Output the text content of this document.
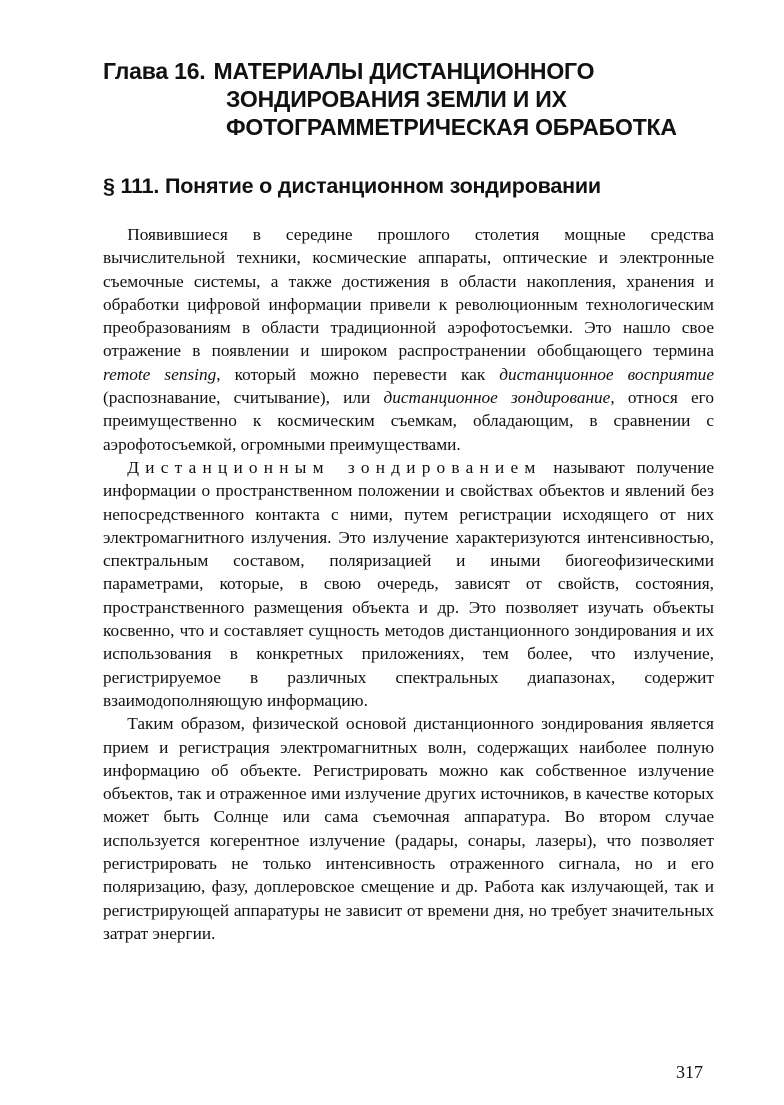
Глава 16. МАТЕРИАЛЫ ДИСТАНЦИОННОГО
ЗОНДИРОВАНИЯ ЗЕМЛИ И ИХ
ФОТОГРАММЕТРИЧЕСКАЯ ОБРАБОТКА
§ 111. Понятие о дистанционном зондировании

Появившиеся в середине прошлого столетия мощные средства вычислительной техники, космические аппараты, оптические и электронные съемочные системы, а также достижения в области накопления, хранения и обработки цифровой информации привели к революционным технологическим преобразованиям в области традиционной аэрофотосъемки. Это нашло свое отражение в появлении и широком распространении обобщающего термина remote sensing, который можно перевести как дистанционное восприятие (распознавание, считывание), или дистанционное зондирование, относя его преимущественно к космическим съемкам, обладающим, в сравнении с аэрофотосъемкой, огромными преимуществами.

Дистанционным зондированием называют получение информации о пространственном положении и свойствах объектов и явлений без непосредственного контакта с ними, путем регистрации исходящего от них электромагнитного излучения. Это излучение характеризуются интенсивностью, спектральным составом, поляризацией и иными биогеофизическими параметрами, которые, в свою очередь, зависят от свойств, состояния, пространственного размещения объекта и др. Это позволяет изучать объекты косвенно, что и составляет сущность методов дистанционного зондирования и их использования в конкретных приложениях, тем более, что излучение, регистрируемое в различных спектральных диапазонах, содержит взаимодополняющую информацию.

Таким образом, физической основой дистанционного зондирования является прием и регистрация электромагнитных волн, содержащих наиболее полную информацию об объекте. Регистрировать можно как собственное излучение объектов, так и отраженное ими излучение других источников, в качестве которых может быть Солнце или сама съемочная аппаратура. Во втором случае используется когерентное излучение (радары, сонары, лазеры), что позволяет регистрировать не только интенсивность отраженного сигнала, но и его поляризацию, фазу, доплеровское смещение и др. Работа как излучающей, так и регистрирующей аппаратуры не зависит от времени дня, но требует значительных затрат энергии.

317
